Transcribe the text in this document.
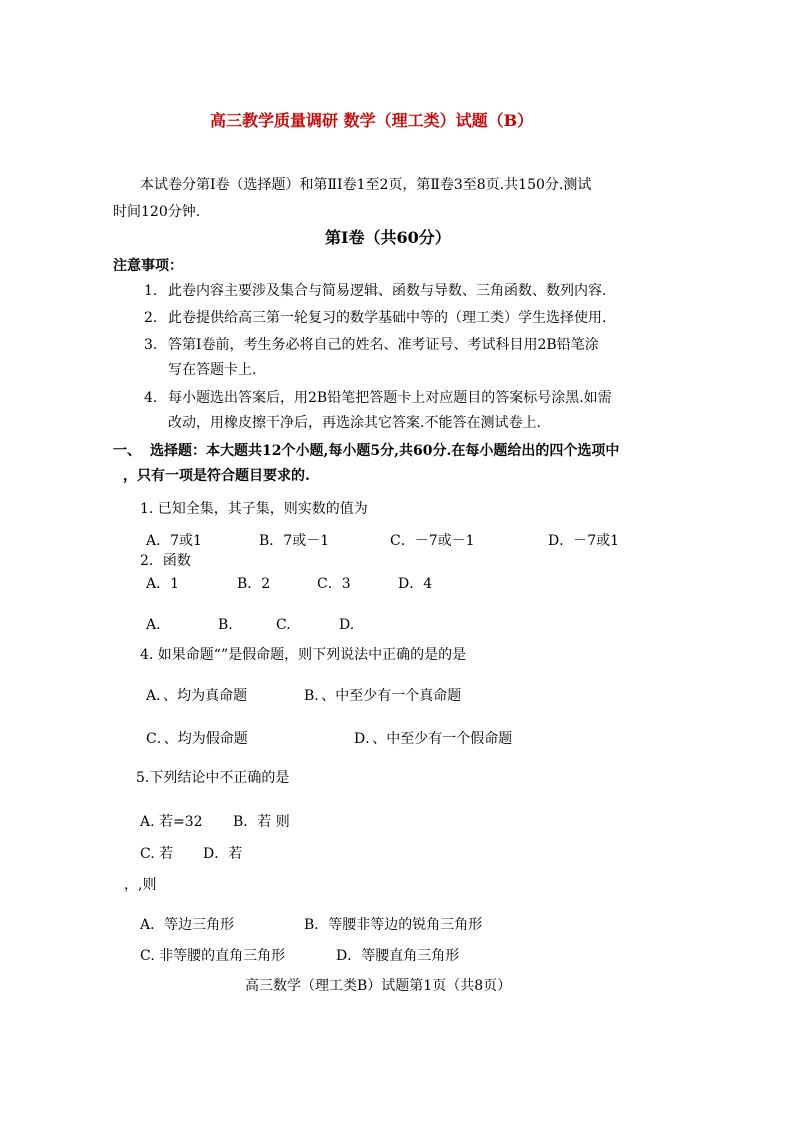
高三教学质量调研 数学（理工类）试题（B）
本试卷分第Ⅰ卷（选择题）和第ⅡⅠ卷1至2页，第Ⅱ卷3至8页.共150分.测试
时间120分钟.
第Ⅰ卷（共60分）
注意事项：
1. 此卷内容主要涉及集合与简易逻辑、函数与导数、三角函数、数列内容.
2. 此卷提供给高三第一轮复习的数学基础中等的（理工类）学生选择使用.
3. 答第Ⅰ卷前，考生务必将自己的姓名、准考证号、考试科目用2B铅笔涂
写在答题卡上.
4. 每小题选出答案后，用2B铅笔把答题卡上对应题目的答案标号涂黑.如需
改动，用橡皮擦干净后，再选涂其它答案.不能答在测试卷上.
一、 选择题：本大题共12个小题,每小题5分,共60分.在每小题给出的四个选项中
，只有一项是符合题目要求的.
1. 已知全集，其子集，则实数的值为
A．7或1	B．7或－1	C．－7或－1	D．－7或1
2．函数
A．1	B．2	C．3	D．4
A.	B.	C.	D.
4. 如果命题“”是假命题，则下列说法中正确的是的是
A．、均为真命题	B．、中至少有一个真命题
C．、均为假命题	D．、中至少有一个假命题
5.下列结论中不正确的是
A. 若=32 B．若 则
C. 若 D．若
，,则
A．等边三角形	B．等腰非等边的锐角三角形
C. 非等腰的直角三角形	D．等腰直角三角形
高三数学（理工类B）试题第1页（共8页）
